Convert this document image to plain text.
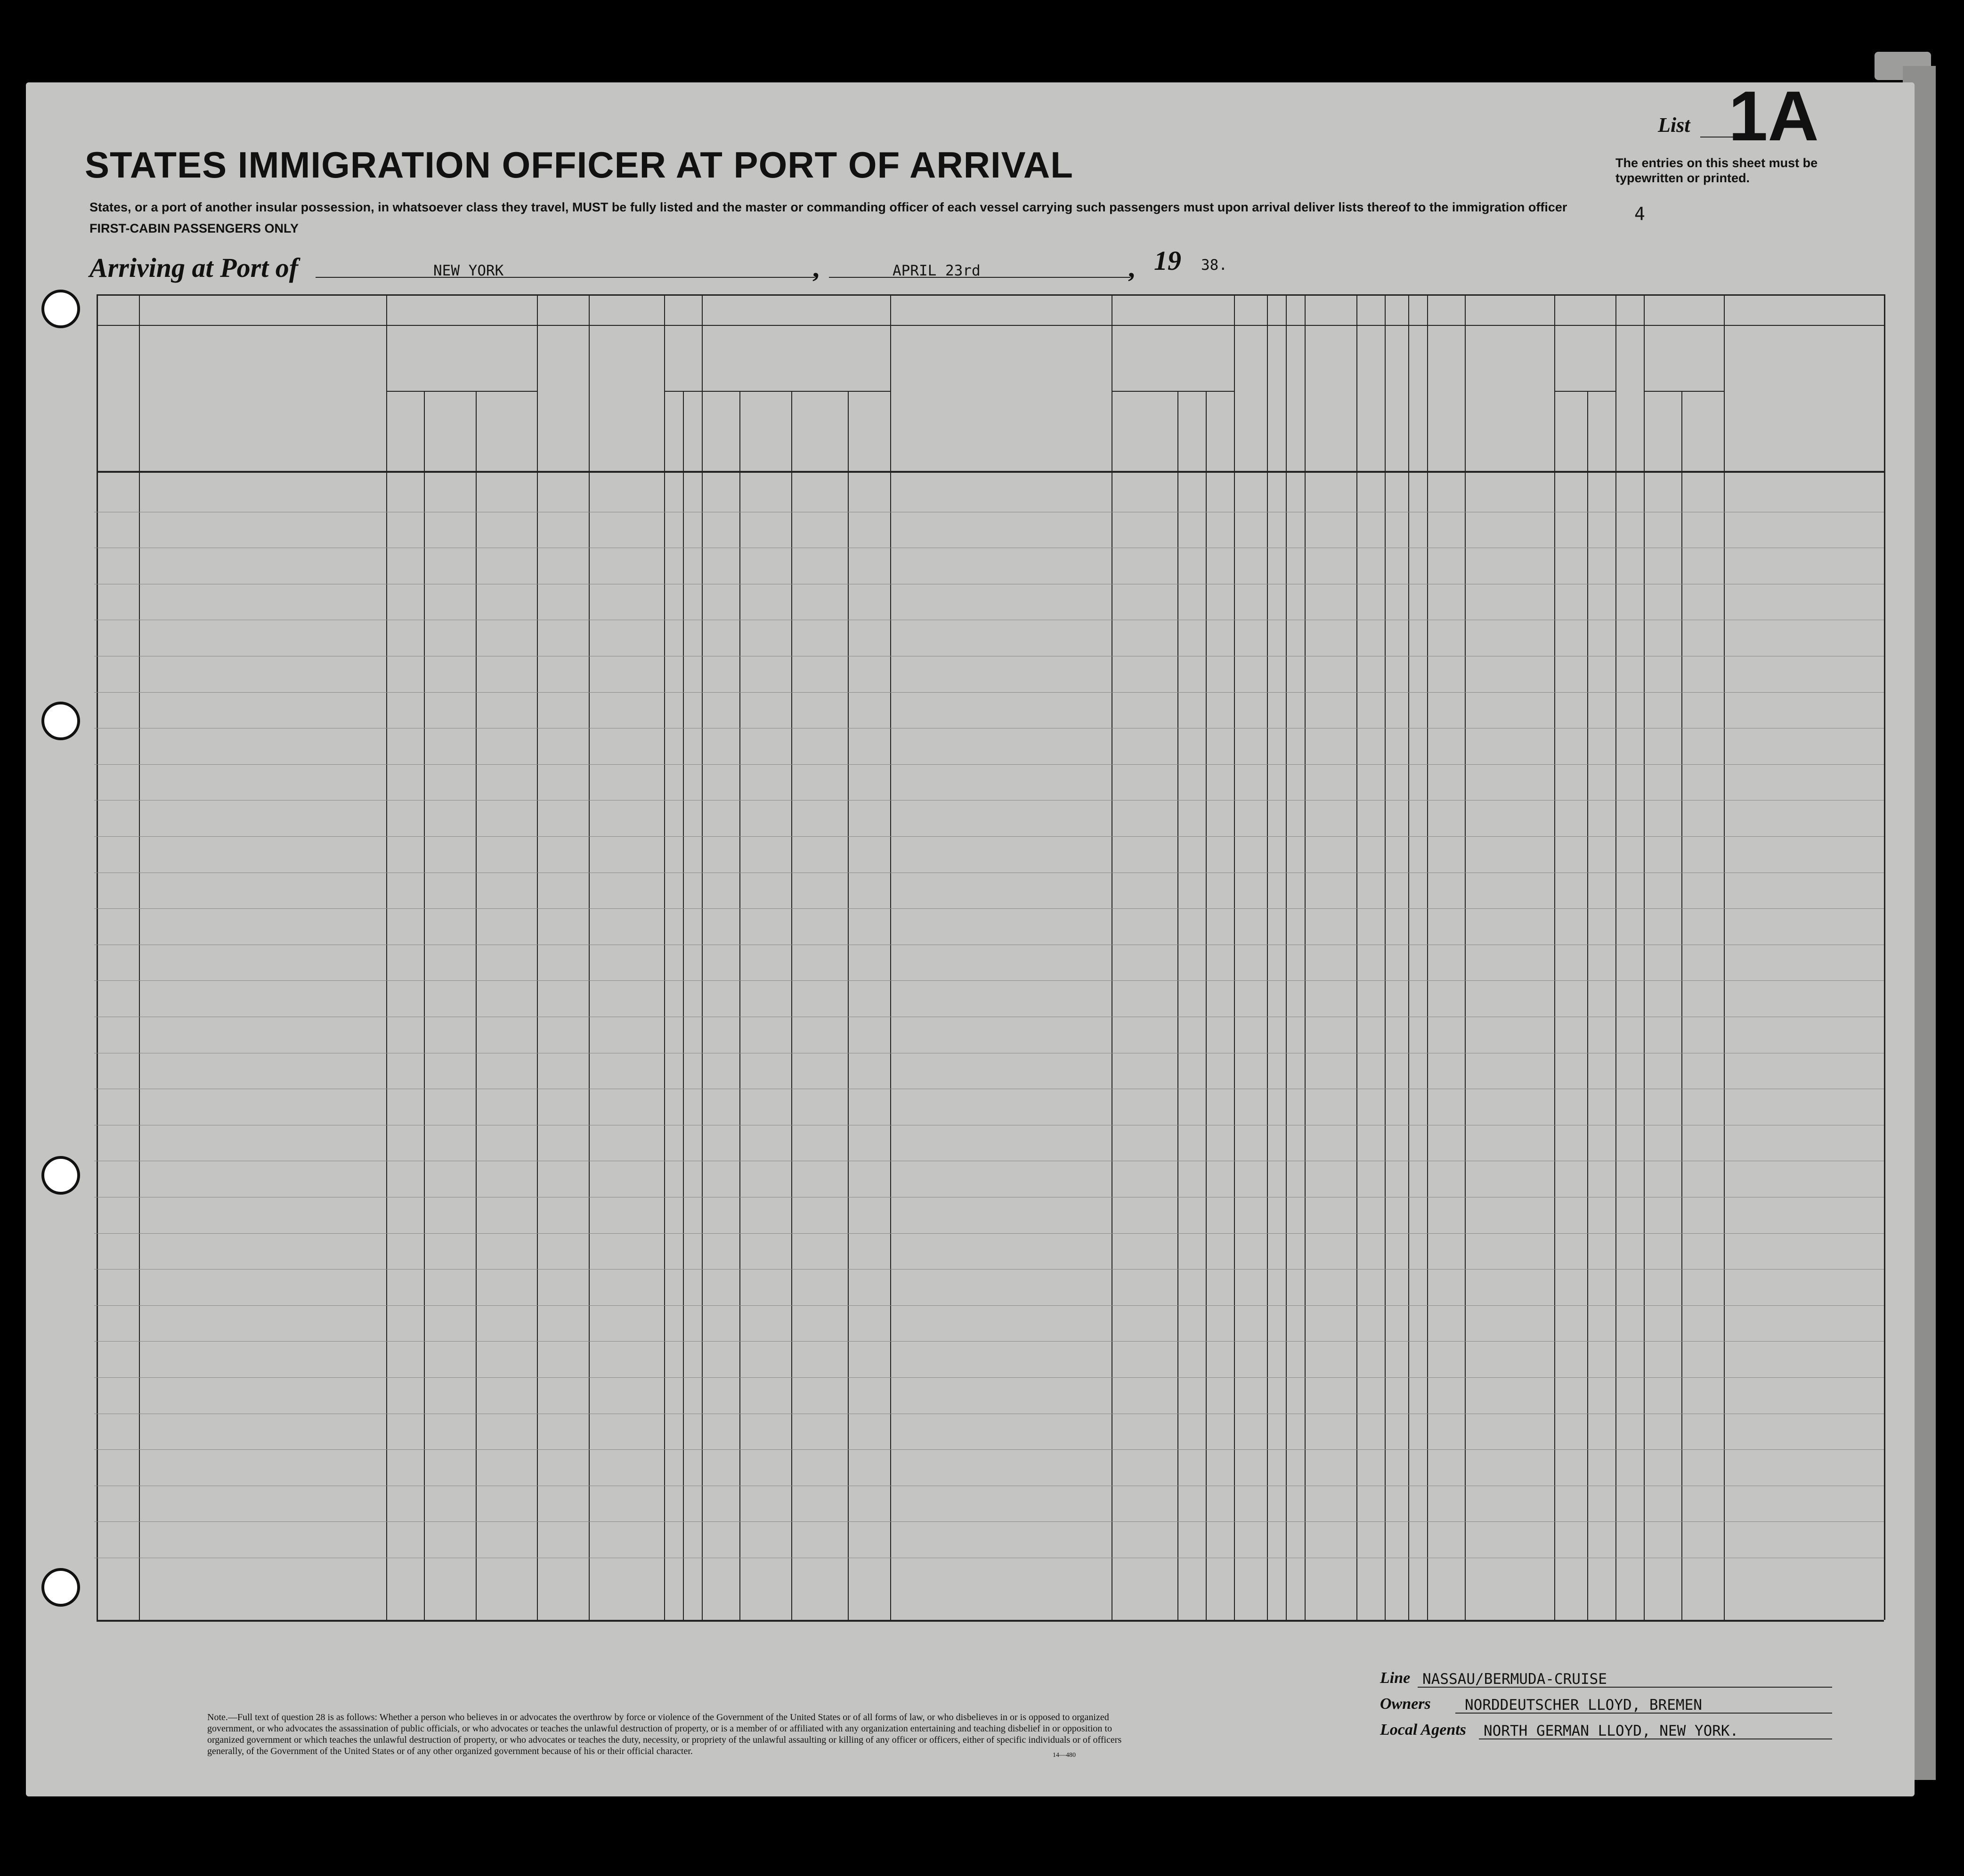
STATES IMMIGRATION OFFICER AT PORT OF ARRIVAL
States, or a port of another insular possession, in whatsoever class they travel, MUST be fully listed and the master or commanding officer of each vessel carrying such passengers must upon arrival deliver lists thereof to the immigration officer
FIRST-CABIN PASSENGERS ONLY
Arriving at Port of	NEW YORK	,	APRIL 23rd	, 19 38.
List 1A
The entries on this sheet must be typewritten or printed.
4
Note.—Full text of question 28 is as follows: Whether a person who believes in or advocates the overthrow by force or violence of the Government of the United States or of all forms of law, or who disbelieves in or is opposed to organized government, or who advocates the assassination of public officials, or who advocates or teaches the unlawful destruction of property, or is a member of or affiliated with any organization entertaining and teaching disbelief in or opposition to organized government or which teaches the unlawful destruction of property, or who advocates or teaches the duty, necessity, or propriety of the unlawful assaulting or killing of any officer or officers, either of specific individuals or of officers generally, of the Government of the United States or of any other organized government because of his or their official character.	14—480
Line NASSAU/BERMUDA-CRUISE
Owners NORDDEUTSCHER LLOYD, BREMEN
Local Agents NORTH GERMAN LLOYD, NEW YORK.
